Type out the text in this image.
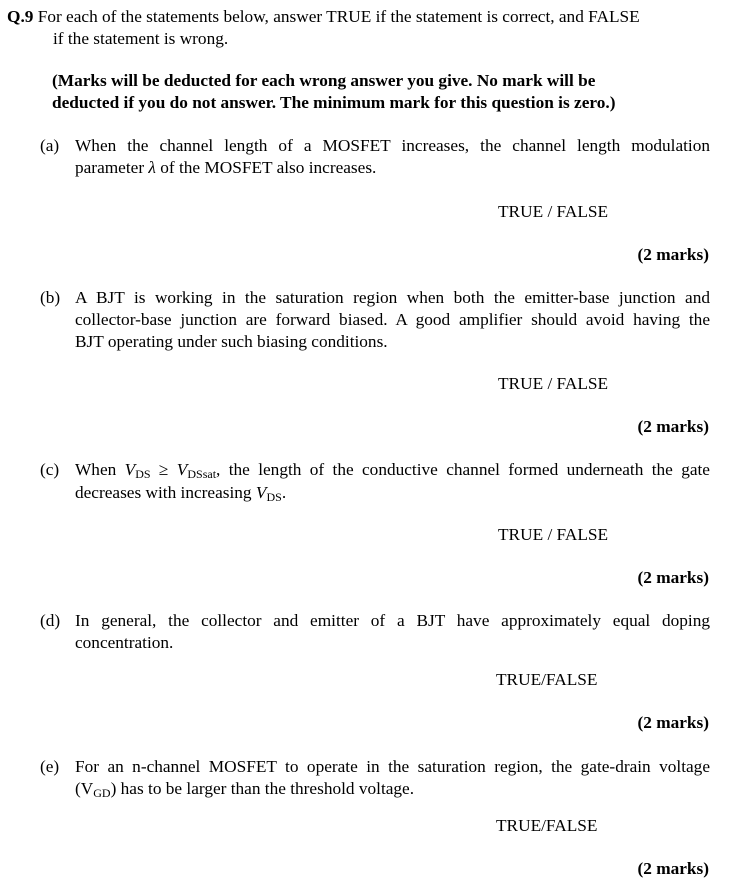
Q.9 For each of the statements below, answer TRUE if the statement is correct, and FALSE
if the statement is wrong.
(Marks will be deducted for each wrong answer you give. No mark will be
deducted if you do not answer. The minimum mark for this question is zero.)
(a) When the channel length of a MOSFET increases, the channel length modulation
parameter λ of the MOSFET also increases.
TRUE / FALSE
(2 marks)
(b) A BJT is working in the saturation region when both the emitter-base junction and
collector-base junction are forward biased. A good amplifier should avoid having the
BJT operating under such biasing conditions.
TRUE / FALSE
(2 marks)
(c) When $V_{DS} \ge V_{DSsat}$, the length of the conductive channel formed underneath the gate
decreases with increasing $V_{DS}$.
TRUE / FALSE
(2 marks)
(d) In general, the collector and emitter of a BJT have approximately equal doping
concentration.
TRUE/FALSE
(2 marks)
(e) For an n-channel MOSFET to operate in the saturation region, the gate-drain voltage
$(V_{GD})$ has to be larger than the threshold voltage.
TRUE/FALSE
(2 marks)
